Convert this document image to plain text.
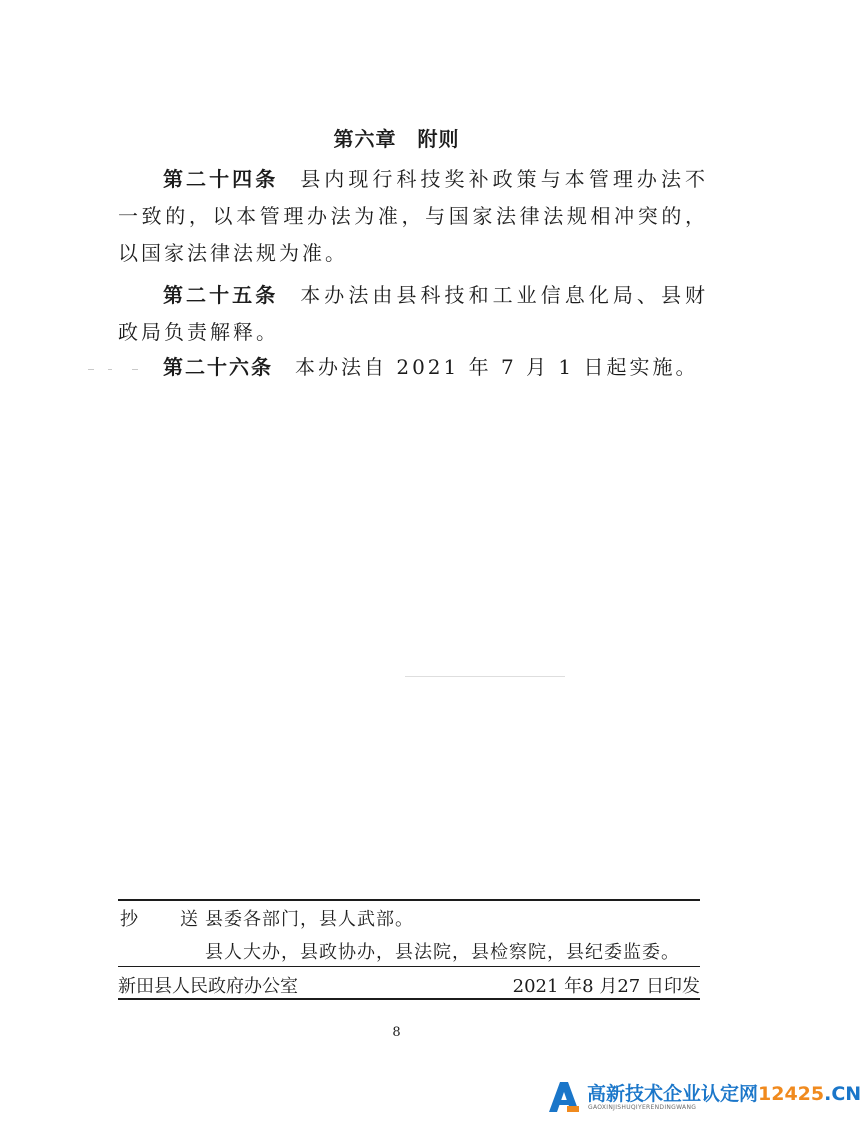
第六章　附则

第二十四条 县内现行科技奖补政策与本管理办法不一致的，以本管理办法为准，与国家法律法规相冲突的，以国家法律法规为准。

第二十五条 本办法由县科技和工业信息化局、县财政局负责解释。

第二十六条 本办法自 2021 年 7 月 1 日起实施。

抄　送：
县委各部门，县人武部。
县人大办，县政协办，县法院，县检察院，县纪委监委。
新田县人民政府办公室	2021 年8 月27 日印发
8
A
高新技术企业认定网12425.CN
GAOXINJISHUQIYERENDINGWANG
